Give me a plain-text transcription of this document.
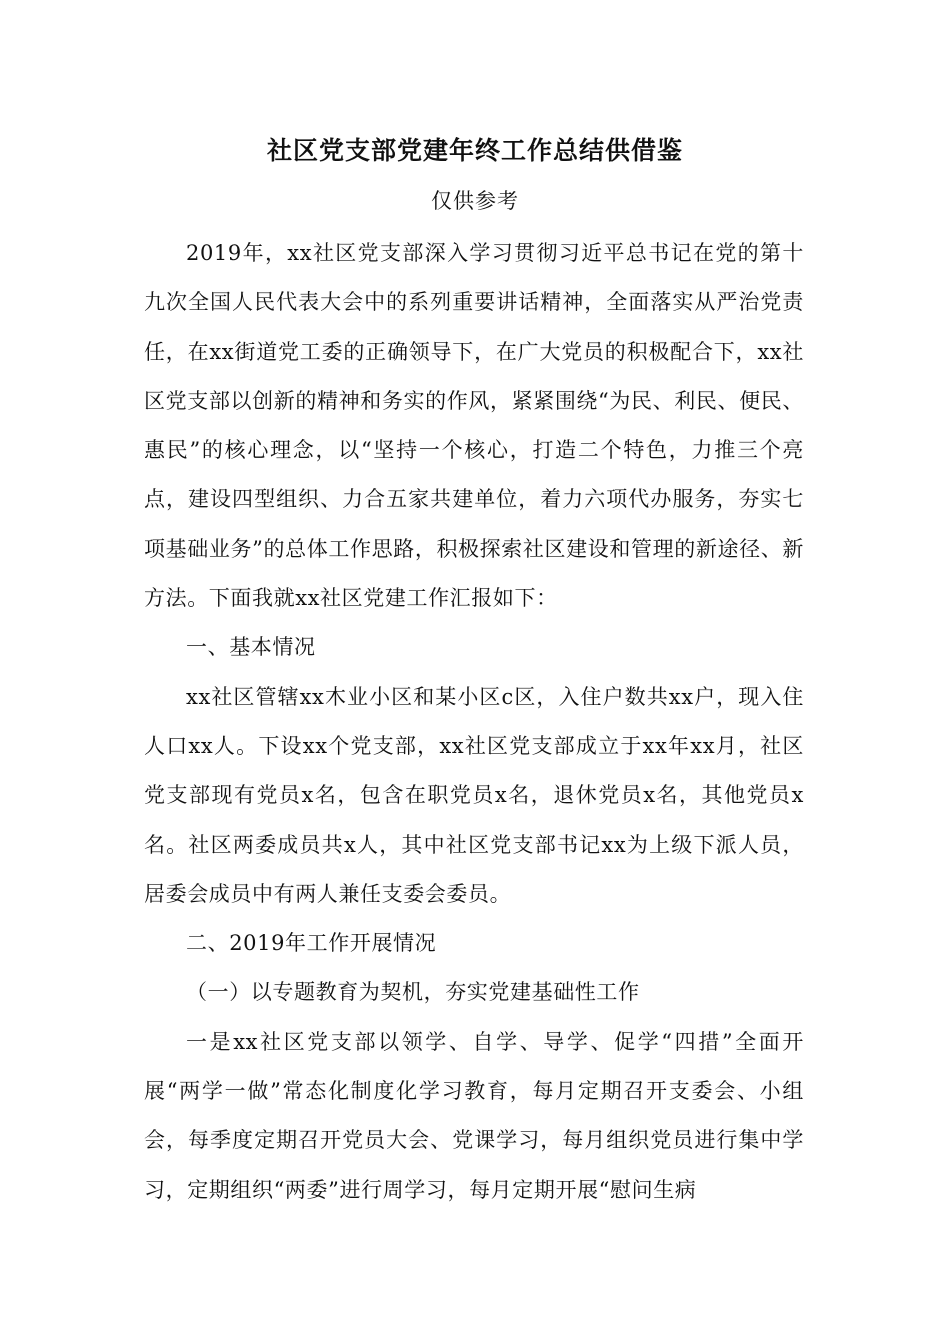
社区党支部党建年终工作总结供借鉴
仅供参考

2019年，xx社区党支部深入学习贯彻习近平总书记在党的第十九次全国人民代表大会中的系列重要讲话精神，全面落实从严治党责任，在xx街道党工委的正确领导下，在广大党员的积极配合下，xx社区党支部以创新的精神和务实的作风，紧紧围绕“为民、利民、便民、惠民”的核心理念，以“坚持一个核心，打造二个特色，力推三个亮点，建设四型组织、力合五家共建单位，着力六项代办服务，夯实七项基础业务”的总体工作思路，积极探索社区建设和管理的新途径、新方法。下面我就xx社区党建工作汇报如下：

一、基本情况

xx社区管辖xx木业小区和某小区c区，入住户数共xx户，现入住人口xx人。下设xx个党支部，xx社区党支部成立于xx年xx月，社区党支部现有党员x名，包含在职党员x名，退休党员x名，其他党员x名。社区两委成员共x人，其中社区党支部书记xx为上级下派人员，居委会成员中有两人兼任支委会委员。

二、2019年工作开展情况

（一）以专题教育为契机，夯实党建基础性工作

一是xx社区党支部以领学、自学、导学、促学“四措”全面开展“两学一做”常态化制度化学习教育，每月定期召开支委会、小组会，每季度定期召开党员大会、党课学习，每月组织党员进行集中学习，定期组织“两委”进行周学习，每月定期开展“慰问生病
